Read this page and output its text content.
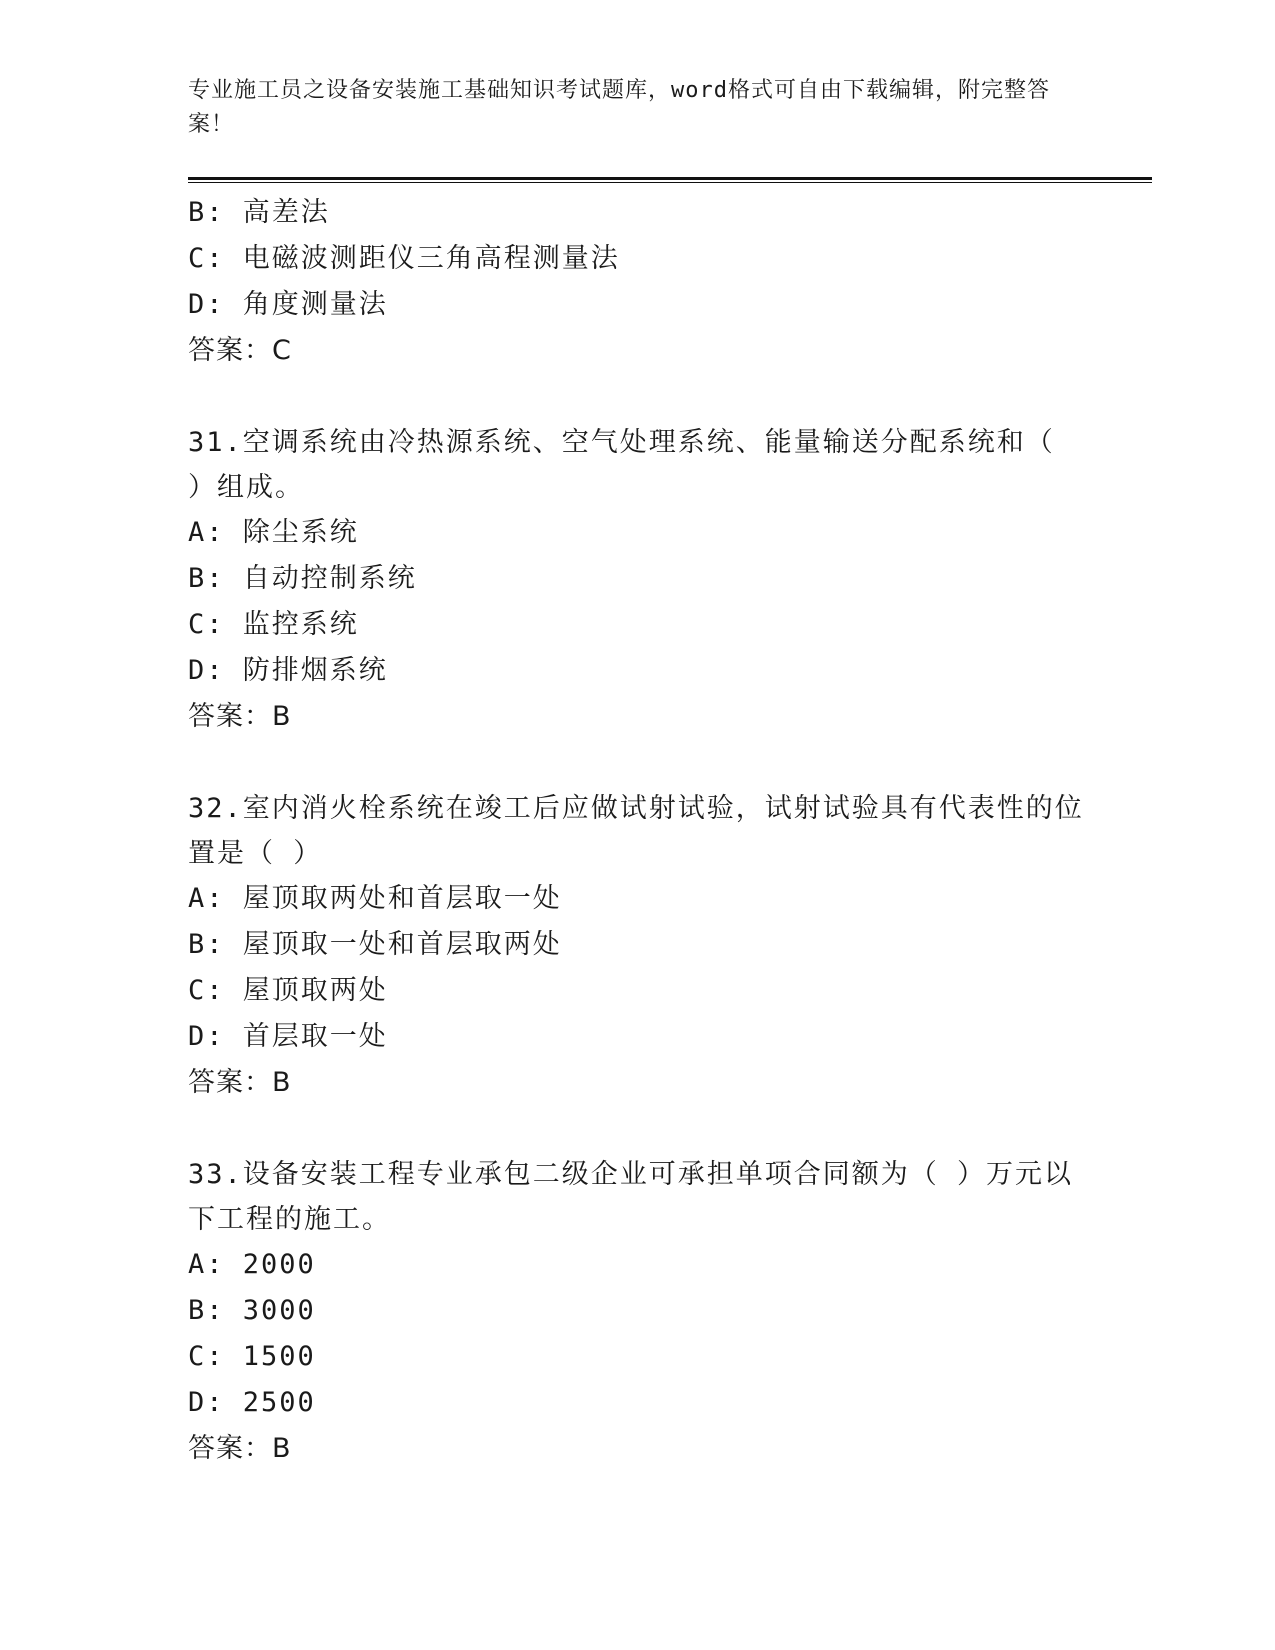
专业施工员之设备安装施工基础知识考试题库，word格式可自由下载编辑，附完整答案！
B: 高差法
C: 电磁波测距仪三角高程测量法
D: 角度测量法
答案：C
31.空调系统由冷热源系统、空气处理系统、能量输送分配系统和（ ）组成。
A: 除尘系统
B: 自动控制系统
C: 监控系统
D: 防排烟系统
答案：B
32.室内消火栓系统在竣工后应做试射试验，试射试验具有代表性的位置是（ ）
A: 屋顶取两处和首层取一处
B: 屋顶取一处和首层取两处
C: 屋顶取两处
D: 首层取一处
答案：B
33.设备安装工程专业承包二级企业可承担单项合同额为（ ）万元以下工程的施工。
A: 2000
B: 3000
C: 1500
D: 2500
答案：B
